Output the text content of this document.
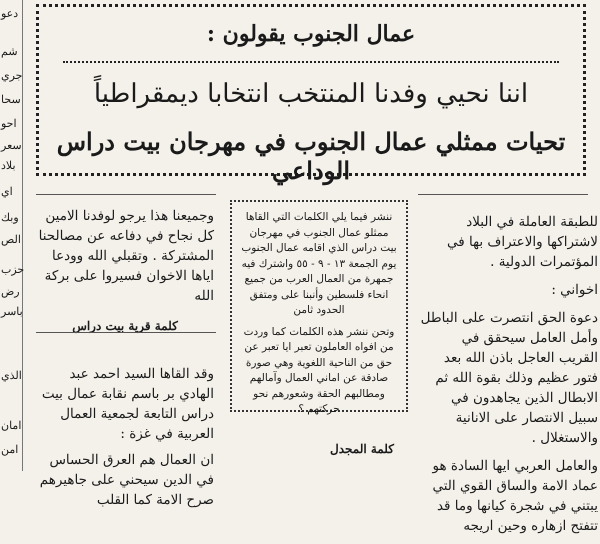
دعو
شم
جري
سحا
احو
سعر
بلاد
اي
وبك
الص
حزب
رض
باسر
الذي
امان
امن
عمال الجنوب يقولون :
اننا نحيي وفدنا المنتخب انتخابا ديمقراطياً
تحيات ممثلي عمال الجنوب في مهرجان بيت دراس الوداعي

للطبقة العاملة في البلاد لاشتراكها والاعتراف بها في المؤتمرات الدولية .

اخواني :

دعوة الحق انتصرت على الباطل وأمل العامل سيحقق في القريب العاجل باذن الله بعد فتور عظيم وذلك بقوة الله ثم الابطال الذين يجاهدون في سبيل الانتصار على الانانية والاستغلال .

والعامل العربي ايها السادة هو عماد الامة والساق القوي التي يبتني في شجرة كيانها وما قد تتفتح ازهاره وحين اريجه

ننشر فيما يلي الكلمات التي القاها ممثلو عمال الجنوب في مهرجان بيت دراس الذي اقامه عمال الجنوب يوم الجمعة ١٣ - ٩ - ٥٥ واشترك فيه جمهرة من العمال العرب من جميع انحاء فلسطين وأنبنا على ومتفق الحدود ثامن

وتحن ننشر هذه الكلمات كما وردت من افواه العاملون تعبر ايا تعبر عن حق من الناحية اللغوية وهي صورة صادقة عن اماني العمال وآمالهم ومطالبهم الحقة وشعورهم نحو حركتهم ؟

وجميعنا هذا يرجو لوفدنا الامين كل نجاح في دفاعه عن مصالحنا المشتركة . وتقبلي الله وودعا اياها الاخوان فسيروا على بركة الله

كلمة قرية بيت دراس

وقد القاها السيد احمد عبد الهادي بر باسم نقابة عمال بيت دراس التابعة لجمعية العمال العربية في غزة :

ان العمال هم العرق الحساس في الدين سيحني على جاهيرهم صرح الامة كما القلب

كلمة المجدل
